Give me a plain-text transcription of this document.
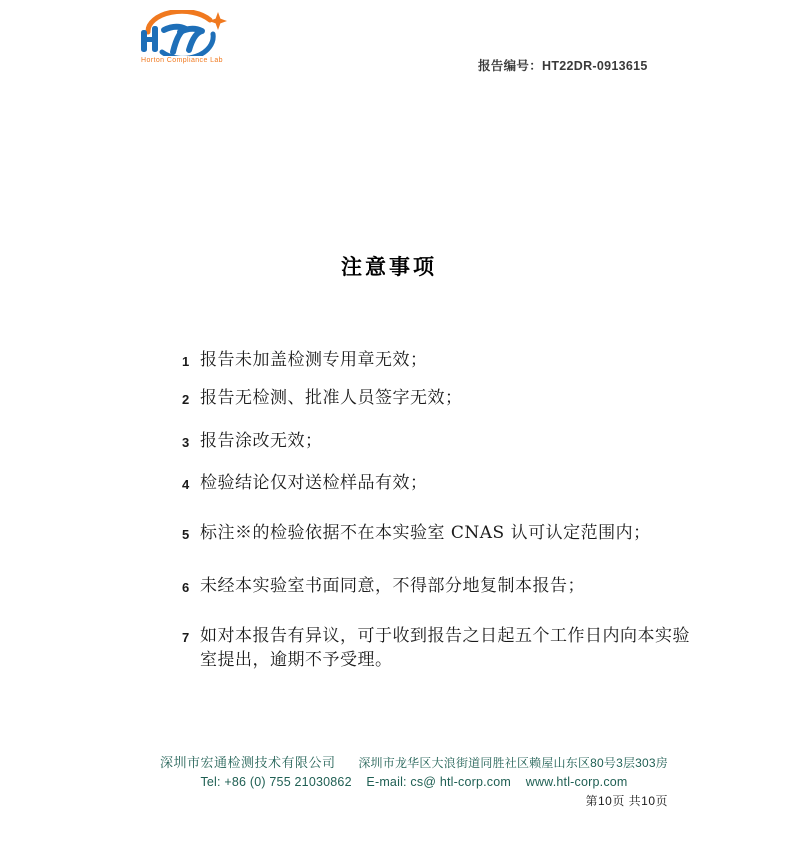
Horton Compliance Lab	报告编号：HT22DR-0913615
注意事项
1 报告未加盖检测专用章无效；
2 报告无检测、批准人员签字无效；
3 报告涂改无效；
4 检验结论仅对送检样品有效；
5 标注※的检验依据不在本实验室 CNAS 认可认定范围内；
6 未经本实验室书面同意，不得部分地复制本报告；
7 如对本报告有异议，可于收到报告之日起五个工作日内向本实验室提出，逾期不予受理。
深圳市宏通检测技术有限公司 深圳市龙华区大浪街道同胜社区赖屋山东区80号3层303房
Tel: +86 (0) 755 21030862    E-mail: cs@ htl-corp.com    www.htl-corp.com
第10页 共10页
